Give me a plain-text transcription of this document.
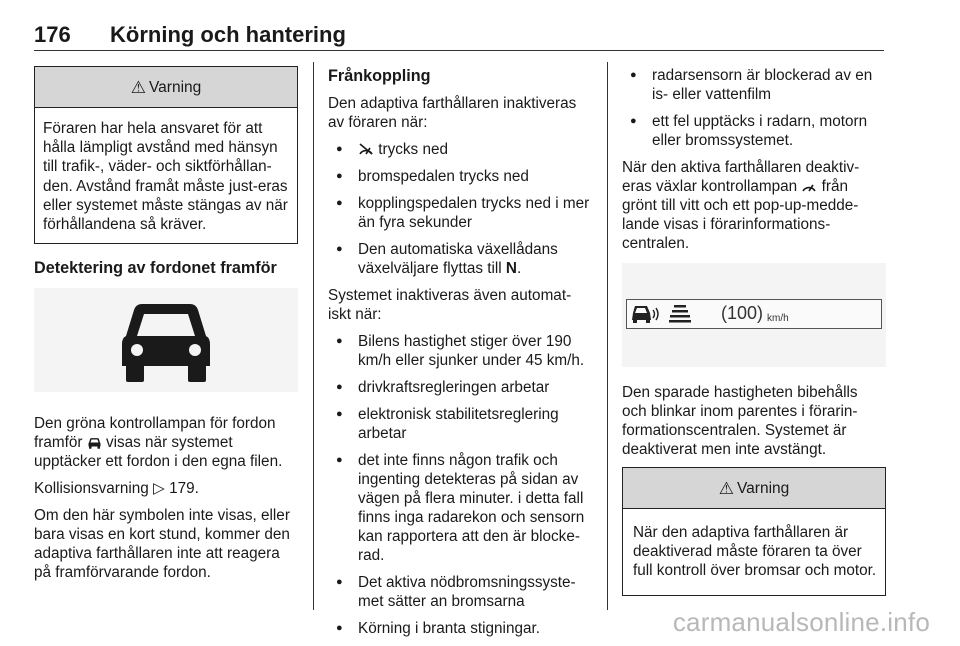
176 Körning och hantering
⚠ Varning
Föraren har hela ansvaret för att hålla lämpligt avstånd med hänsyn till trafik-, väder- och siktförhållan-den. Avstånd framåt måste just-eras eller systemet måste stängas av när förhållandena så kräver.
Detektering av fordonet framför

Den gröna kontrollampan för fordon framför visas när systemet upptäcker ett fordon i den egna filen.

Kollisionsvarning ▷ 179.

Om den här symbolen inte visas, eller bara visas en kort stund, kommer den adaptiva farthållaren inte att reagera på framförvarande fordon.

Frånkoppling

Den adaptiva farthållaren inaktiveras av föraren när:

● trycks ned
● bromspedalen trycks ned
● kopplingspedalen trycks ned i mer än fyra sekunder
● Den automatiska växellådans växelväljare flyttas till N.

Systemet inaktiveras även automat-iskt när:

● Bilens hastighet stiger över 190 km/h eller sjunker under 45 km/h.
● drivkraftsregleringen arbetar
● elektronisk stabilitetsreglering arbetar
● det inte finns någon trafik och ingenting detekteras på sidan av vägen på flera minuter. i detta fall finns inga radarekon och sensorn kan rapportera att den är blocke-rad.
● Det aktiva nödbromsningssyste-met sätter an bromsarna
● Körning i branta stigningar.
● radarsensorn är blockerad av en is- eller vattenfilm
● ett fel upptäcks i radarn, motorn eller bromssystemet.

När den aktiva farthållaren deaktiv-eras växlar kontrollampan från grönt till vitt och ett pop-up-medde-lande visas i förarinformations-centralen.

(100) km/h

Den sparade hastigheten bibehålls och blinkar inom parentes i förarin-formationscentralen. Systemet är deaktiverat men inte avstängt.

⚠ Varning
När den adaptiva farthållaren är deaktiverad måste föraren ta över full kontroll över bromsar och motor.
carmanualsonline.info
